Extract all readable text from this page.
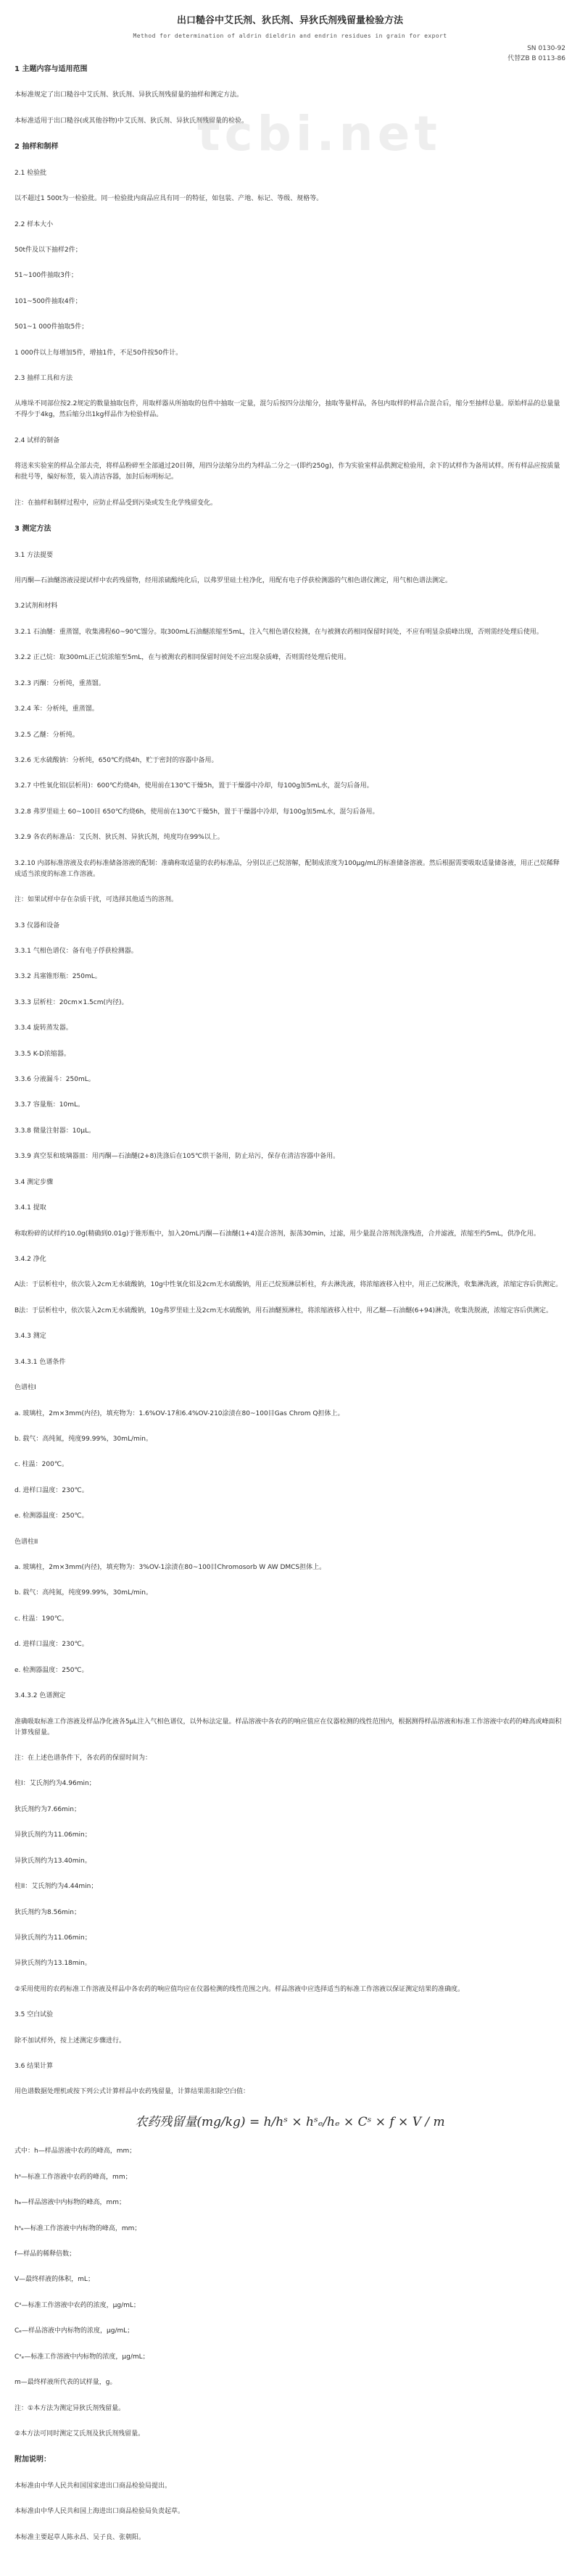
tcbi.net
出口糙谷中艾氏剂、狄氏剂、异狄氏剂残留量检验方法
Method for determination of aldrin dieldrin and endrin residues in grain for export
SN 0130-92
代替ZB B 0113-86

1 主题内容与适用范围

本标准规定了出口糙谷中艾氏剂、狄氏剂、异狄氏剂残留量的抽样和测定方法。

本标准适用于出口糙谷(或其他谷物)中艾氏剂、狄氏剂、异狄氏剂残留量的检验。

2 抽样和制样

2.1 检验批

以不超过1 500t为一检验批。同一检验批内商品应具有同一的特征，如包装、产地、标记、等级、规格等。

2.2 样本大小

50t件及以下抽样2件；

51~100件抽取3件；

101~500件抽取4件；

501~1 000件抽取5件；

1 000件以上每增加5件，增抽1件，不足50件按50件计。

2.3 抽样工具和方法

从堆垛不同部位按2.2规定的数量抽取包件，用取样器从所抽取的包件中抽取一定量，混匀后按四分法缩分，抽取等量样品，各包内取样的样品合混合后，缩分至抽样总量。原始样品的总量量不得少于4kg，然后缩分出1kg样品作为检验样品。

2.4 试样的制备

将送来实验室的样品全部去壳，将样品粉碎至全部通过20目筛，用四分法缩分出约为样品二分之一(即约250g)，作为实验室样品供测定检验用，余下的试样作为备用试样。所有样品应按质量和批号等，编好标签，装入清洁容器，加封后标明标记。

注：在抽样和制样过程中，应防止样品受到污染或发生化学残留变化。

3 测定方法

3.1 方法提要

用丙酮—石油醚溶液浸提试样中农药残留物，经用浓硫酸纯化后，以弗罗里硅土柱净化，用配有电子俘获检测器的气相色谱仪测定，用气相色谱法测定。

3.2试剂和材料

3.2.1 石油醚：重蒸馏，收集沸程60~90℃馏分。取300mL石油醚浓缩至5mL，注入气相色谱仪检测，在与被测农药相同保留时间处，不应有明显杂质峰出现，否则需经处理后使用。

3.2.2 正己烷：取300mL正己烷浓缩至5mL，在与被测农药相同保留时间处不应出现杂质峰，否则需经处理后使用。

3.2.3 丙酮：分析纯，重蒸馏。

3.2.4 苯：分析纯，重蒸馏。

3.2.5 乙醚：分析纯。

3.2.6 无水硫酸钠：分析纯，650℃灼烧4h，贮于密封的容器中备用。

3.2.7 中性氧化铝(层析用)：600℃灼烧4h，使用前在130℃干燥5h，置于干燥器中冷却，每100g加5mL水，混匀后备用。

3.2.8 弗罗里硅土 60~100目 650℃灼烧6h，使用前在130℃干燥5h，置于干燥器中冷却，每100g加5mL水，混匀后备用。

3.2.9 各农药标准品：艾氏剂、狄氏剂、异狄氏剂，纯度均在99%以上。

3.2.10 内部标准溶液及农药标准储备溶液的配制：准确称取适量的农药标准品，分别以正己烷溶解，配制成浓度为100μg/mL的标准储备溶液。然后根据需要吸取适量储备液，用正己烷稀释成适当浓度的标准工作溶液。

注：如果试样中存在杂质干扰，可选择其他适当的溶剂。

3.3 仪器和设备

3.3.1 气相色谱仪：备有电子俘获检测器。

3.3.2 具塞锥形瓶：250mL。

3.3.3 层析柱：20cm×1.5cm(内径)。

3.3.4 旋转蒸发器。

3.3.5 K-D浓缩器。

3.3.6 分液漏斗：250mL。

3.3.7 容量瓶：10mL。

3.3.8 微量注射器：10μL。

3.3.9 真空泵和玻璃器皿：用丙酮—石油醚(2+8)洗涤后在105℃烘干备用，防止玷污，保存在清洁容器中备用。

3.4 测定步骤

3.4.1 提取

称取粉碎的试样约10.0g(精确到0.01g)于锥形瓶中，加入20mL丙酮—石油醚(1+4)混合溶剂，振荡30min，过滤，用少量混合溶剂洗涤残渣，合并滤液，浓缩至约5mL，供净化用。

3.4.2 净化

A法：于层析柱中，依次装入2cm无水硫酸钠，10g中性氧化铝及2cm无水硫酸钠，用正己烷预淋层析柱，弃去淋洗液，将浓缩液移入柱中，用正己烷淋洗，收集淋洗液，浓缩定容后供测定。

B法：于层析柱中，依次装入2cm无水硫酸钠，10g弗罗里硅土及2cm无水硫酸钠，用石油醚预淋柱，将浓缩液移入柱中，用乙醚—石油醚(6+94)淋洗，收集洗脱液，浓缩定容后供测定。

3.4.3 测定

3.4.3.1 色谱条件

色谱柱I

a. 玻璃柱，2m×3mm(内径)，填充物为：1.6%OV-17和6.4%OV-210涂渍在80~100目Gas Chrom Q担体上。

b. 载气：高纯氮，纯度99.99%，30mL/min。

c. 柱温：200℃。

d. 进样口温度：230℃。

e. 检测器温度：250℃。

色谱柱II

a. 玻璃柱，2m×3mm(内径)，填充物为：3%OV-1涂渍在80~100目Chromosorb W AW DMCS担体上。

b. 载气：高纯氮，纯度99.99%，30mL/min。

c. 柱温：190℃。

d. 进样口温度：230℃。

e. 检测器温度：250℃。

3.4.3.2 色谱测定

准确吸取标准工作溶液及样品净化液各5μL注入气相色谱仪，以外标法定量。样品溶液中各农药的响应值应在仪器检测的线性范围内，根据测得样品溶液和标准工作溶液中农药的峰高或峰面积计算残留量。

注：在上述色谱条件下，各农药的保留时间为：

柱I：艾氏剂约为4.96min；

狄氏剂约为7.66min；

异狄氏剂约为11.06min；

异狄氏剂约为13.40min。

柱II：艾氏剂约为4.44min；

狄氏剂约为8.56min；

异狄氏剂约为11.06min；

异狄氏剂约为13.18min。

②采用使用的农药标准工作溶液及样品中各农药的响应值均应在仪器检测的线性范围之内。样品溶液中应选择适当的标准工作溶液以保证测定结果的准确度。

3.5 空白试验

除不加试样外，按上述测定步骤进行。

3.6 结果计算

用色谱数据处理机或按下列公式计算样品中农药残留量，计算结果需扣除空白值：

农药残留量(mg/kg) = h/hˢ × hˢₑ/hₑ × Cˢ × f × V / m

式中：h—样品溶液中农药的峰高，mm；

hˢ—标准工作溶液中农药的峰高，mm；

hₑ—样品溶液中内标物的峰高，mm；

hˢₑ—标准工作溶液中内标物的峰高，mm；

f—样品的稀释倍数；

V—最终样液的体积，mL；

Cˢ—标准工作溶液中农药的浓度，μg/mL；

Cₑ—样品溶液中内标物的浓度，μg/mL；

Cˢₑ—标准工作溶液中内标物的浓度，μg/mL；

m—最终样液所代表的试样量，g。

注：①本方法为测定异狄氏剂残留量。

②本方法可同时测定艾氏剂及狄氏剂残留量。

附加说明：

本标准由中华人民共和国国家进出口商品检验局提出。

本标准由中华人民共和国上海进出口商品检验局负责起草。

本标准主要起草人陈永昌、吴子良、张朝阳。
